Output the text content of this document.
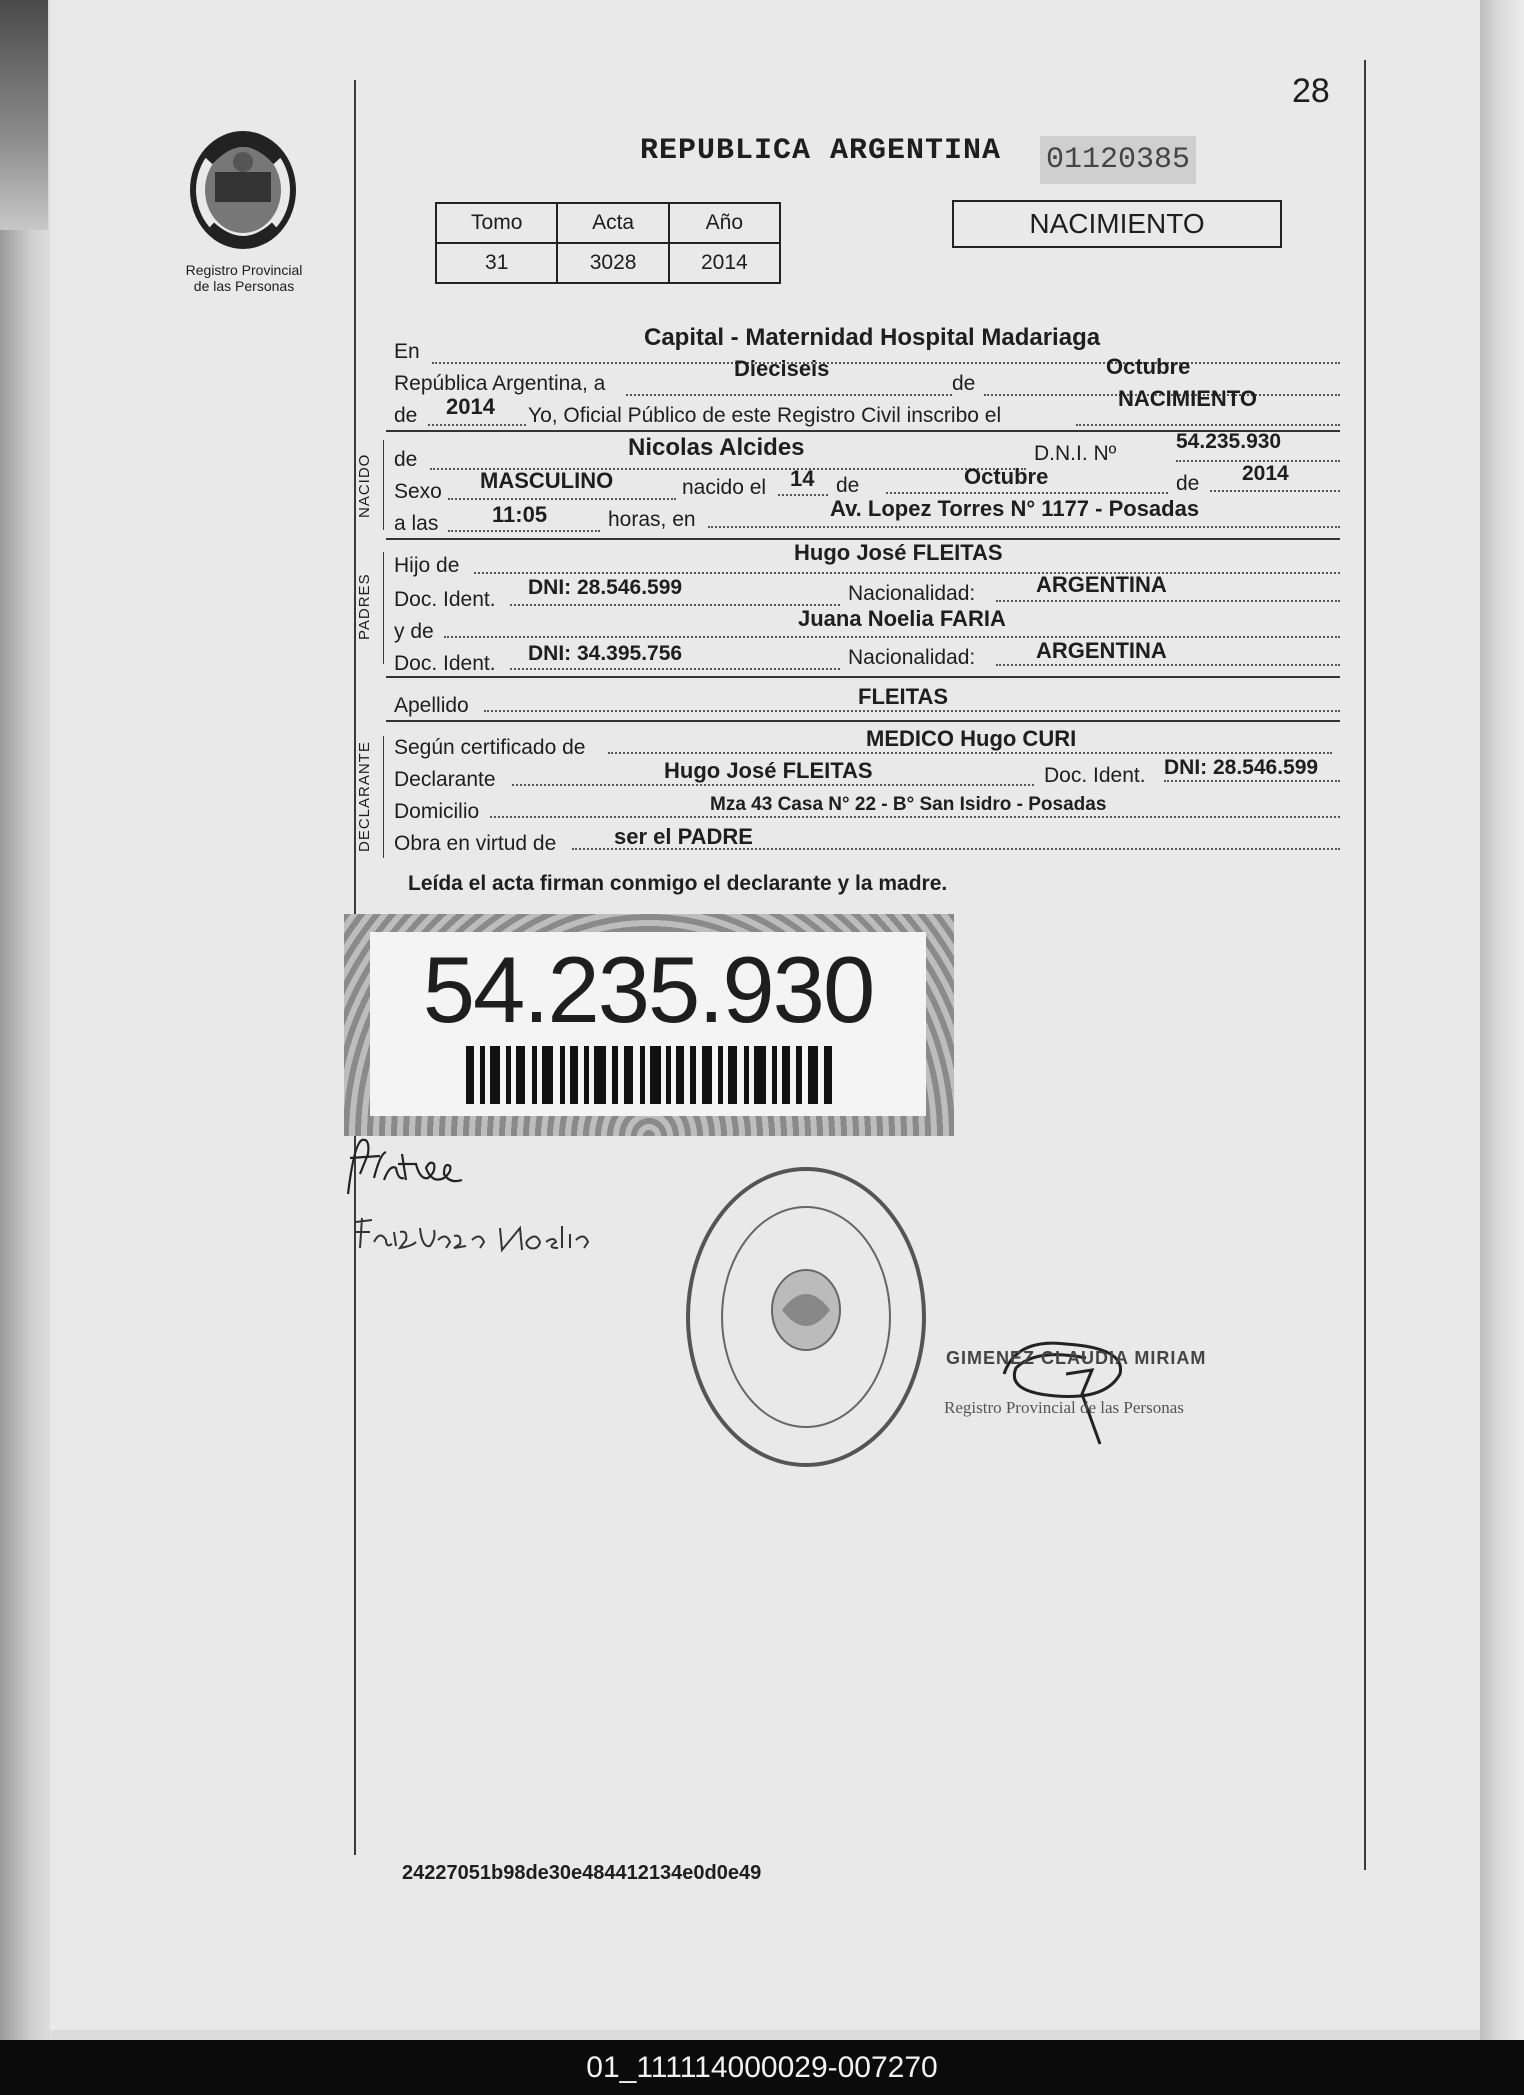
28
Registro Provincial
de las Personas
REPUBLICA ARGENTINA 01120385
Tomo	Acta	Año
31	3028	2014
NACIMIENTO
En
Capital - Maternidad Hospital Madariaga
República Argentina, a
Dieciseis
de
Octubre
de 2014 Yo, Oficial Público de este Registro Civil inscribo el
NACIMIENTO
NACIDO de	Nicolas Alcides	D.N.I. Nº
54.235.930
Sexo MASCULINO	nacido el 14 de	Octubre	de 2014
a las 11:05	horas, en	Av. Lopez Torres N° 1177 - Posadas
PADRES
Hijo de
Hugo José FLEITAS
Doc. Ident.
DNI: 28.546.599	Nacionalidad:	ARGENTINA
y de
Juana Noelia FARIA
Doc. Ident. DNI: 34.395.756	Nacionalidad:	ARGENTINA
Apellido	FLEITAS
DECLARANTE Según certificado de	MEDICO Hugo CURI
Declarante	Hugo José FLEITAS	Doc. Ident. DNI: 28.546.599
Domicilio	Mza 43 Casa N° 22 - B° San Isidro - Posadas
Obra en virtud de	ser el PADRE
Leída el acta firman conmigo el declarante y la madre.
54.235.930
GIMENEZ CLAUDIA MIRIAM
Registro Provincial de las Personas
24227051b98de30e484412134e0d0e49
01_111114000029-007270
